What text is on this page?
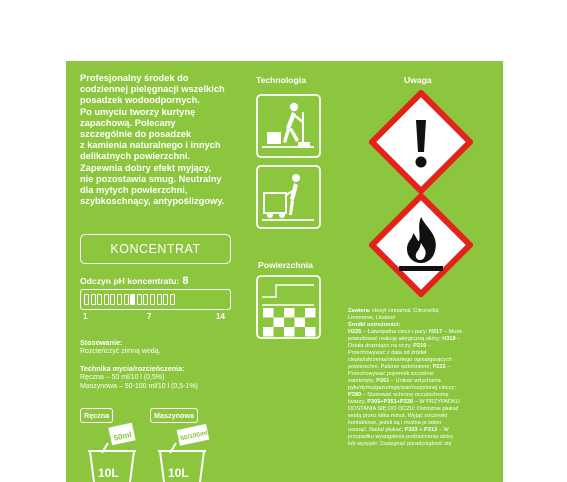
Profesjonalny środek do

codziennej pielęgnacji wszelkich

posadzek wodoodpornych.

Po umyciu tworzy kurtynę

zapachową. Polecany

szczególnie do posadzek

z kamienia naturalnego i innych

delikatnych powierzchni.

Zapewnia dobry efekt myjący,

nie pozostawia smug. Neutralny

dla mytych powierzchni,

szybkoschnący, antypoślizgowy.

KONCENTRAT
Odczyn pH koncentratu: 8
1	7	14
Stosowanie:
Rozcieńczyć zimną wodą.
Technika mycia/rozcieńczenia:
Ręczna – 50 ml/10 l (0,5%)
Maszynowa – 50-100 ml/10 l (0,5-1%)
Ręczna	Maszynowa
50ml
10L
50/100ml
10L
Technologia
Powierzchnia
Uwaga

Zawiera: Hexyl cinnamal, Citronellol,

Limonene, Linalool

Środki ostrożności:

H226 – Łatwopalna ciecz i pary; H317 – Może

powodować reakcję alergiczną skóry; H319 –

Działa drażniąco na oczy; P210 –

Przechowywać z dala od źródeł

ciepła/iskrzenia/otwartego ognia/gorących

powierzchni. Palenie wzbronione; P233 –

Przechowywać pojemnik szczelnie

zamknięty; P261 – Unikać wdychania

pyłu/dymu/gazu/mgły/par/rozpylonej cieczy;

P280 – Stosować ochronę oczu/ochronę

twarzy; P305+P351+P338 – W PRZYPADKU

DOSTANIA SIĘ DO OCZU: Ostrożnie płukać

wodą przez kilka minut. Wyjąć soczewki

kontaktowe, jeżeli są i można je łatwo

usunąć. Nadal płukać; P333 + P313 – W

przypadku wystąpienia podrażnienia skóry

lub wysypki: Zasięgnąć porady/zgłosić się
